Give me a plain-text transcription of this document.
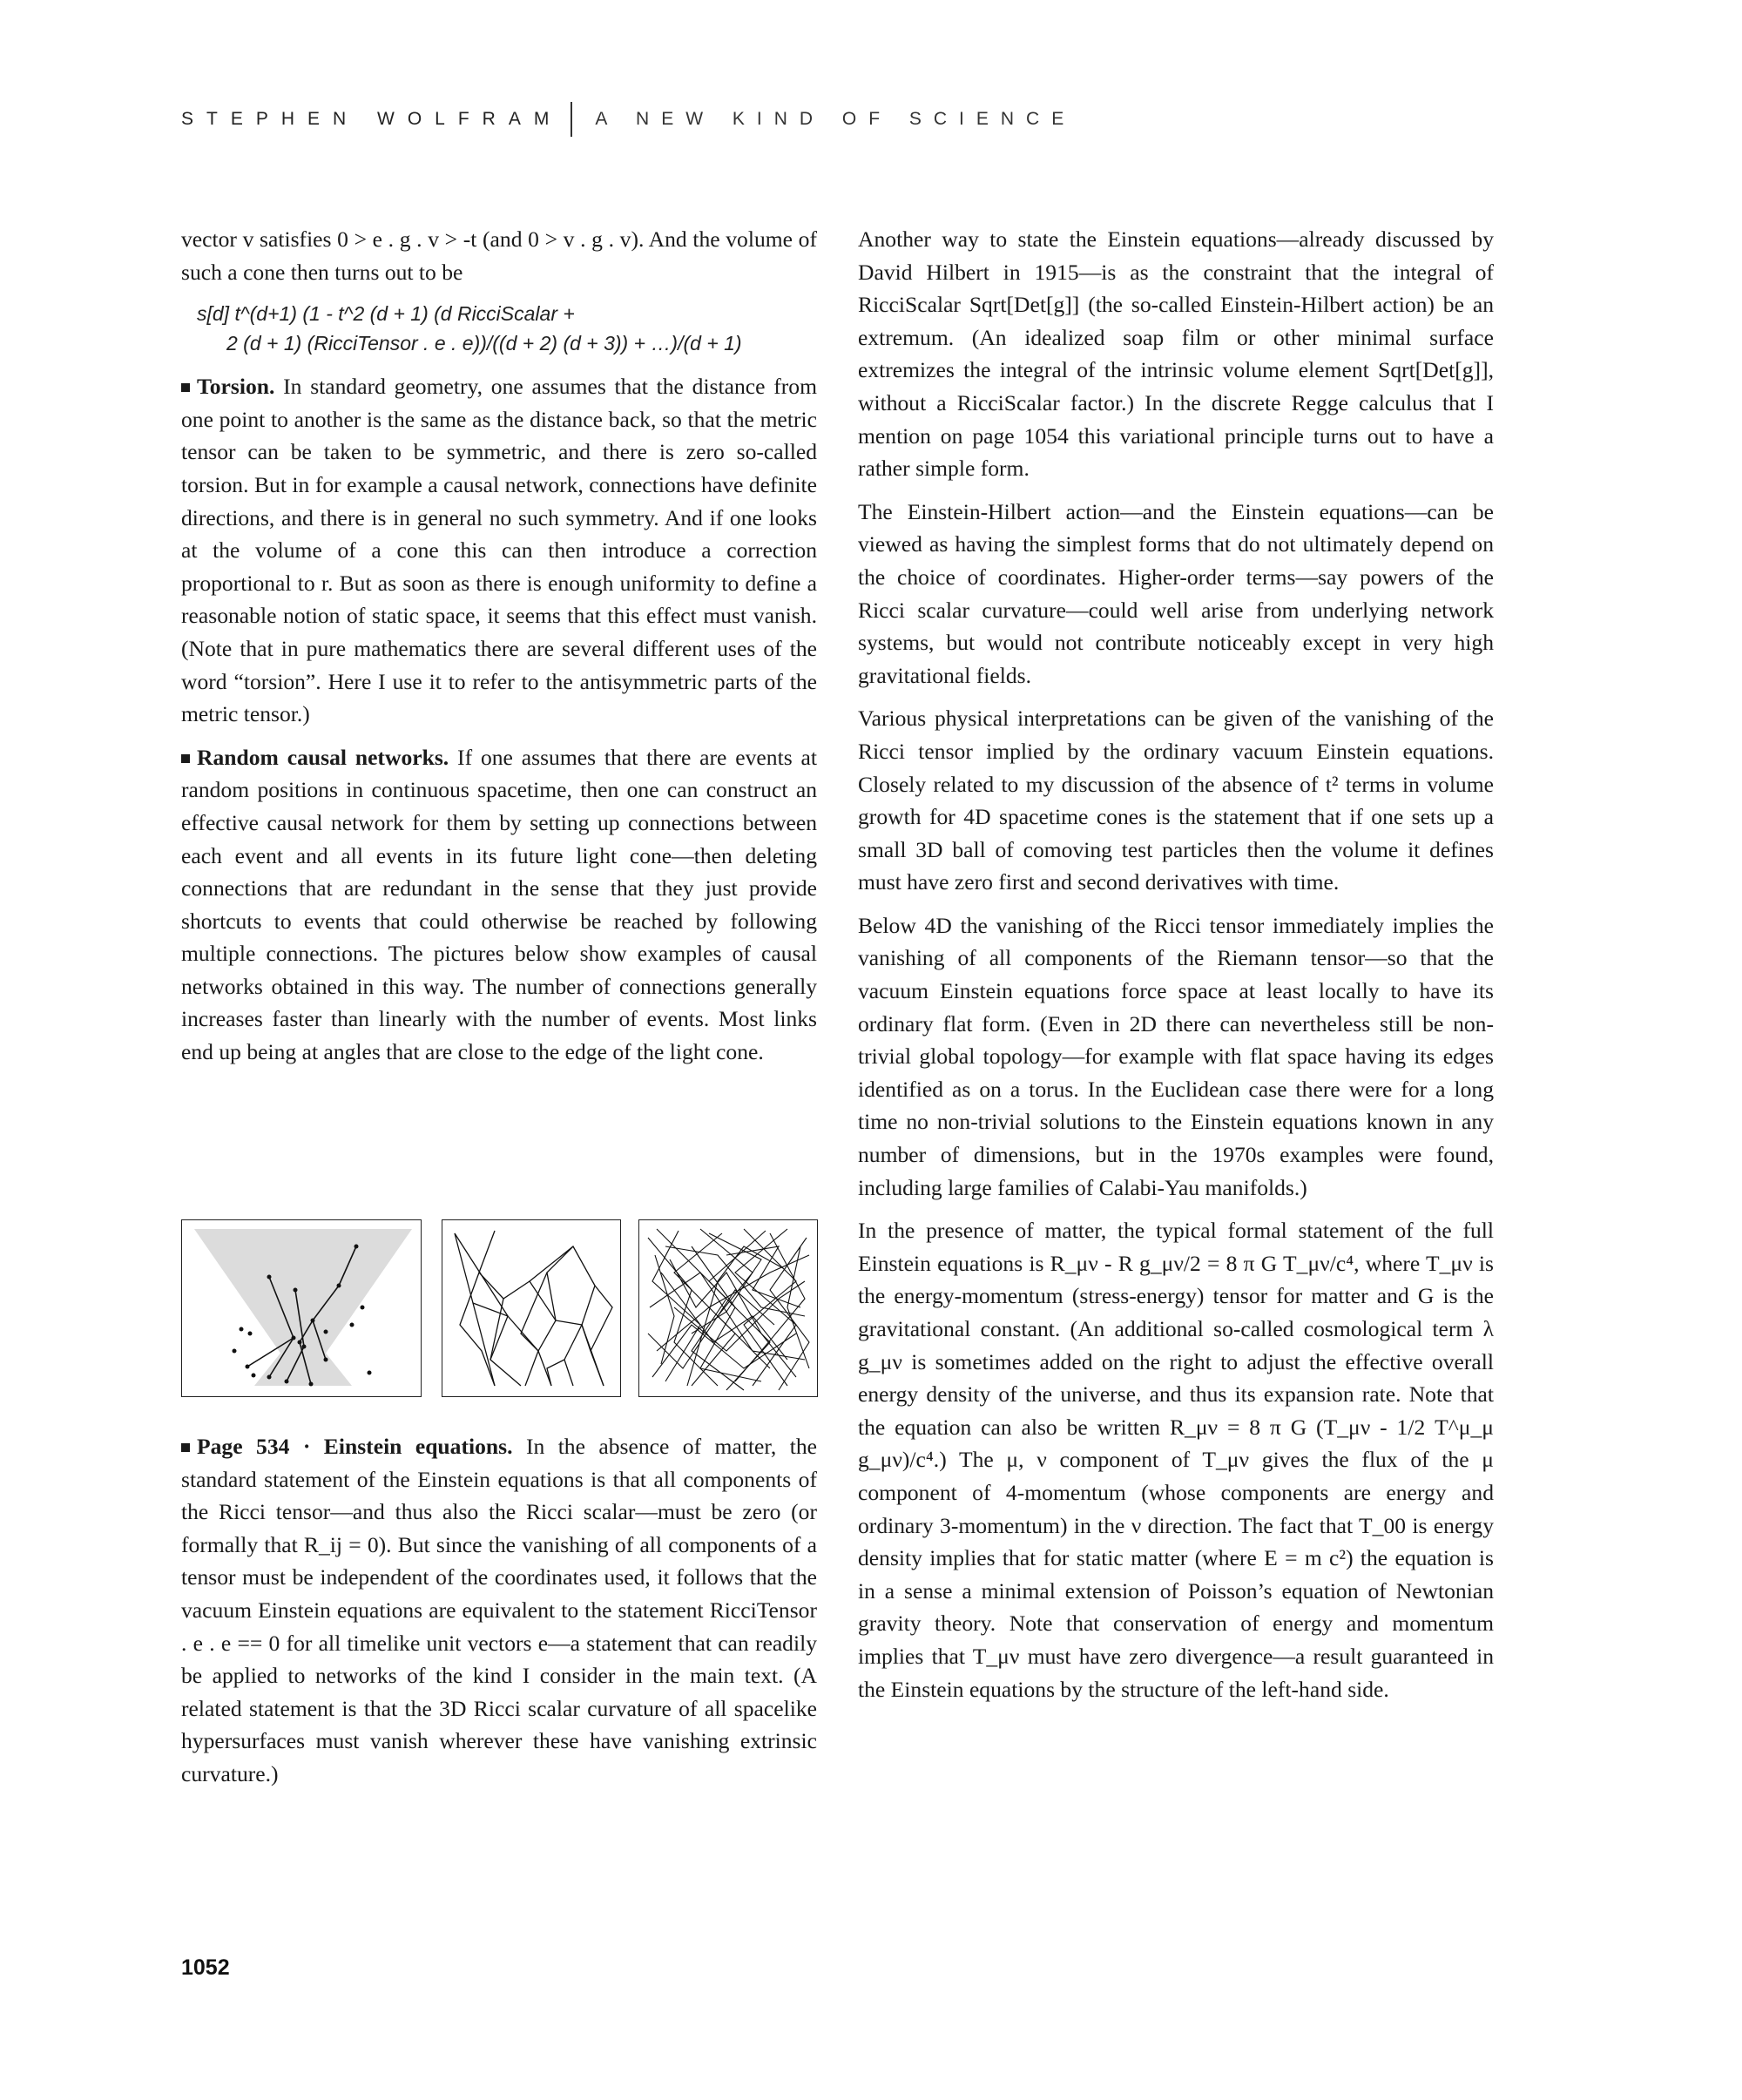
STEPHEN WOLFRAM A NEW KIND OF SCIENCE

vector v satisfies 0 > e . g . v > -t (and 0 > v . g . v). And the volume of such a cone then turns out to be

s[d] t^(d+1) (1 - t^2 (d + 1) (d RicciScalar +
2 (d + 1) (RicciTensor . e . e))/((d + 2) (d + 3)) + …)/(d + 1)

Torsion. In standard geometry, one assumes that the distance from one point to another is the same as the distance back, so that the metric tensor can be taken to be symmetric, and there is zero so-called torsion. But in for example a causal network, connections have definite directions, and there is in general no such symmetry. And if one looks at the volume of a cone this can then introduce a correction proportional to r. But as soon as there is enough uniformity to define a reasonable notion of static space, it seems that this effect must vanish. (Note that in pure mathematics there are several different uses of the word “torsion”. Here I use it to refer to the antisymmetric parts of the metric tensor.)

Random causal networks. If one assumes that there are events at random positions in continuous spacetime, then one can construct an effective causal network for them by setting up connections between each event and all events in its future light cone—then deleting connections that are redundant in the sense that they just provide shortcuts to events that could otherwise be reached by following multiple connections. The pictures below show examples of causal networks obtained in this way. The number of connections generally increases faster than linearly with the number of events. Most links end up being at angles that are close to the edge of the light cone.

Page 534 · Einstein equations. In the absence of matter, the standard statement of the Einstein equations is that all components of the Ricci tensor—and thus also the Ricci scalar—must be zero (or formally that R_ij = 0). But since the vanishing of all components of a tensor must be independent of the coordinates used, it follows that the vacuum Einstein equations are equivalent to the statement RicciTensor . e . e == 0 for all timelike unit vectors e—a statement that can readily be applied to networks of the kind I consider in the main text. (A related statement is that the 3D Ricci scalar curvature of all spacelike hypersurfaces must vanish wherever these have vanishing extrinsic curvature.)

Another way to state the Einstein equations—already discussed by David Hilbert in 1915—is as the constraint that the integral of RicciScalar Sqrt[Det[g]] (the so-called Einstein-Hilbert action) be an extremum. (An idealized soap film or other minimal surface extremizes the integral of the intrinsic volume element Sqrt[Det[g]], without a RicciScalar factor.) In the discrete Regge calculus that I mention on page 1054 this variational principle turns out to have a rather simple form.

The Einstein-Hilbert action—and the Einstein equations—can be viewed as having the simplest forms that do not ultimately depend on the choice of coordinates. Higher-order terms—say powers of the Ricci scalar curvature—could well arise from underlying network systems, but would not contribute noticeably except in very high gravitational fields.

Various physical interpretations can be given of the vanishing of the Ricci tensor implied by the ordinary vacuum Einstein equations. Closely related to my discussion of the absence of t² terms in volume growth for 4D spacetime cones is the statement that if one sets up a small 3D ball of comoving test particles then the volume it defines must have zero first and second derivatives with time.

Below 4D the vanishing of the Ricci tensor immediately implies the vanishing of all components of the Riemann tensor—so that the vacuum Einstein equations force space at least locally to have its ordinary flat form. (Even in 2D there can nevertheless still be non-trivial global topology—for example with flat space having its edges identified as on a torus. In the Euclidean case there were for a long time no non-trivial solutions to the Einstein equations known in any number of dimensions, but in the 1970s examples were found, including large families of Calabi-Yau manifolds.)

In the presence of matter, the typical formal statement of the full Einstein equations is R_μν - R g_μν/2 = 8 π G T_μν/c⁴, where T_μν is the energy-momentum (stress-energy) tensor for matter and G is the gravitational constant. (An additional so-called cosmological term λ g_μν is sometimes added on the right to adjust the effective overall energy density of the universe, and thus its expansion rate. Note that the equation can also be written R_μν = 8 π G (T_μν - 1/2 T^μ_μ g_μν)/c⁴.) The μ, ν component of T_μν gives the flux of the μ component of 4-momentum (whose components are energy and ordinary 3-momentum) in the ν direction. The fact that T_00 is energy density implies that for static matter (where E = m c²) the equation is in a sense a minimal extension of Poisson’s equation of Newtonian gravity theory. Note that conservation of energy and momentum implies that T_μν must have zero divergence—a result guaranteed in the Einstein equations by the structure of the left-hand side.

1052
